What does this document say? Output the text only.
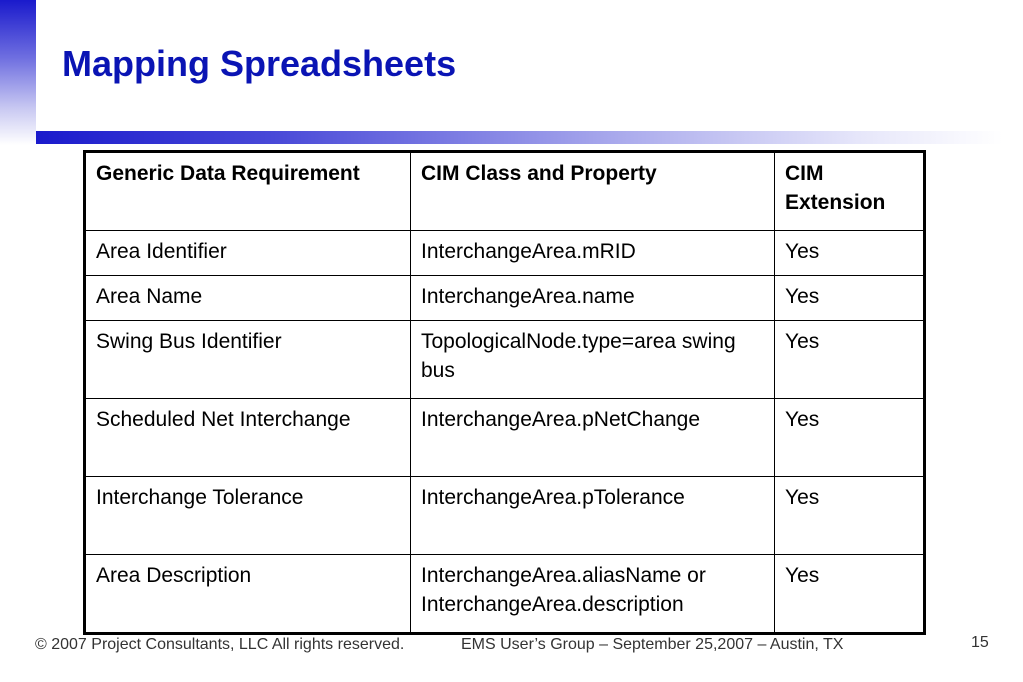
Mapping Spreadsheets
Generic Data Requirement	CIM Class and Property	CIM Extension
Area Identifier	InterchangeArea.mRID	Yes
Area Name	InterchangeArea.name	Yes
Swing Bus Identifier	TopologicalNode.type=area swing bus	Yes
Scheduled Net Interchange	InterchangeArea.pNetChange	Yes
Interchange Tolerance	InterchangeArea.pTolerance	Yes
Area Description	InterchangeArea.aliasName or InterchangeArea.description	Yes
© 2007 Project Consultants, LLC All rights reserved.	EMS User’s Group – September 25,2007 – Austin, TX	15
